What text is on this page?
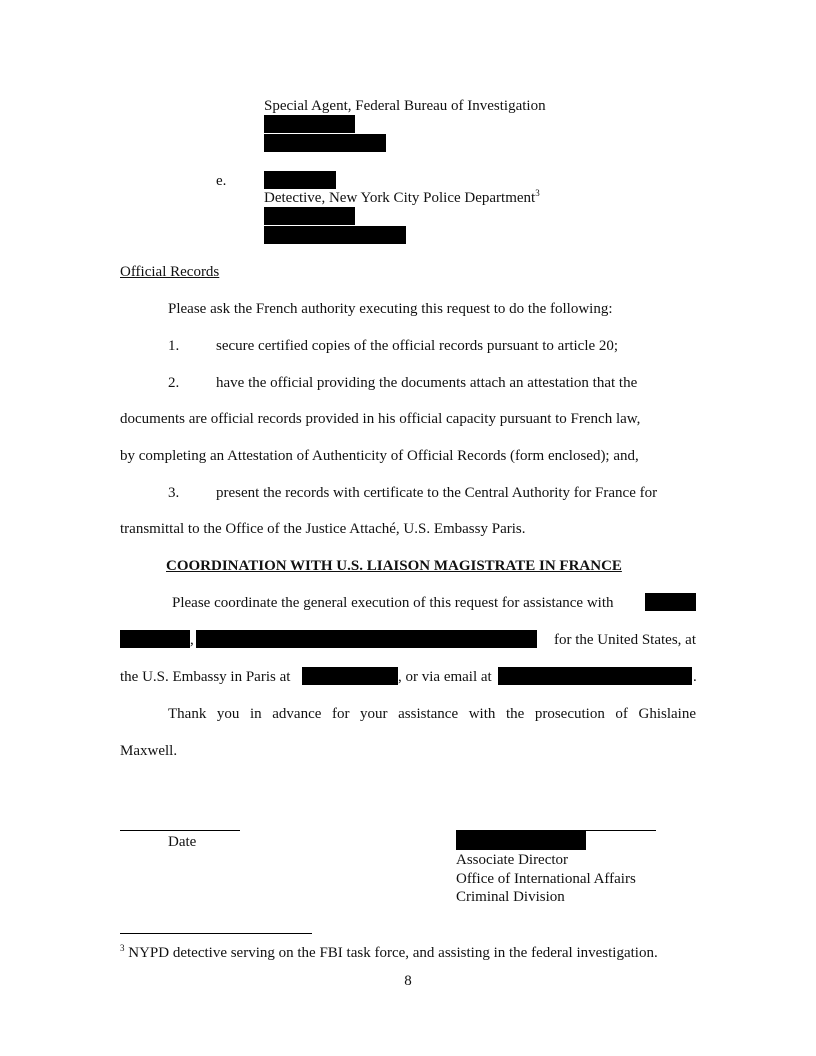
Special Agent, Federal Bureau of Investigation
e.
Detective, New York City Police Department$^3$
Official Records
Please ask the French authority executing this request to do the following:
1. secure certified copies of the official records pursuant to article 20;
2. have the official providing the documents attach an attestation that the
documents are official records provided in his official capacity pursuant to French law,
by completing an Attestation of Authenticity of Official Records (form enclosed); and,
3. present the records with certificate to the Central Authority for France for
transmittal to the Office of the Justice Attaché, U.S. Embassy Paris.
COORDINATION WITH U.S. LIAISON MAGISTRATE IN FRANCE
Please coordinate the general execution of this request for assistance with
,	for the United States, at
the U.S. Embassy in Paris at	, or via email at	.
Thank you in advance for your assistance with the prosecution of Ghislaine
Maxwell.
Date
Associate Director
Office of International Affairs
Criminal Division
$^3$ NYPD detective serving on the FBI task force, and assisting in the federal investigation.
8
